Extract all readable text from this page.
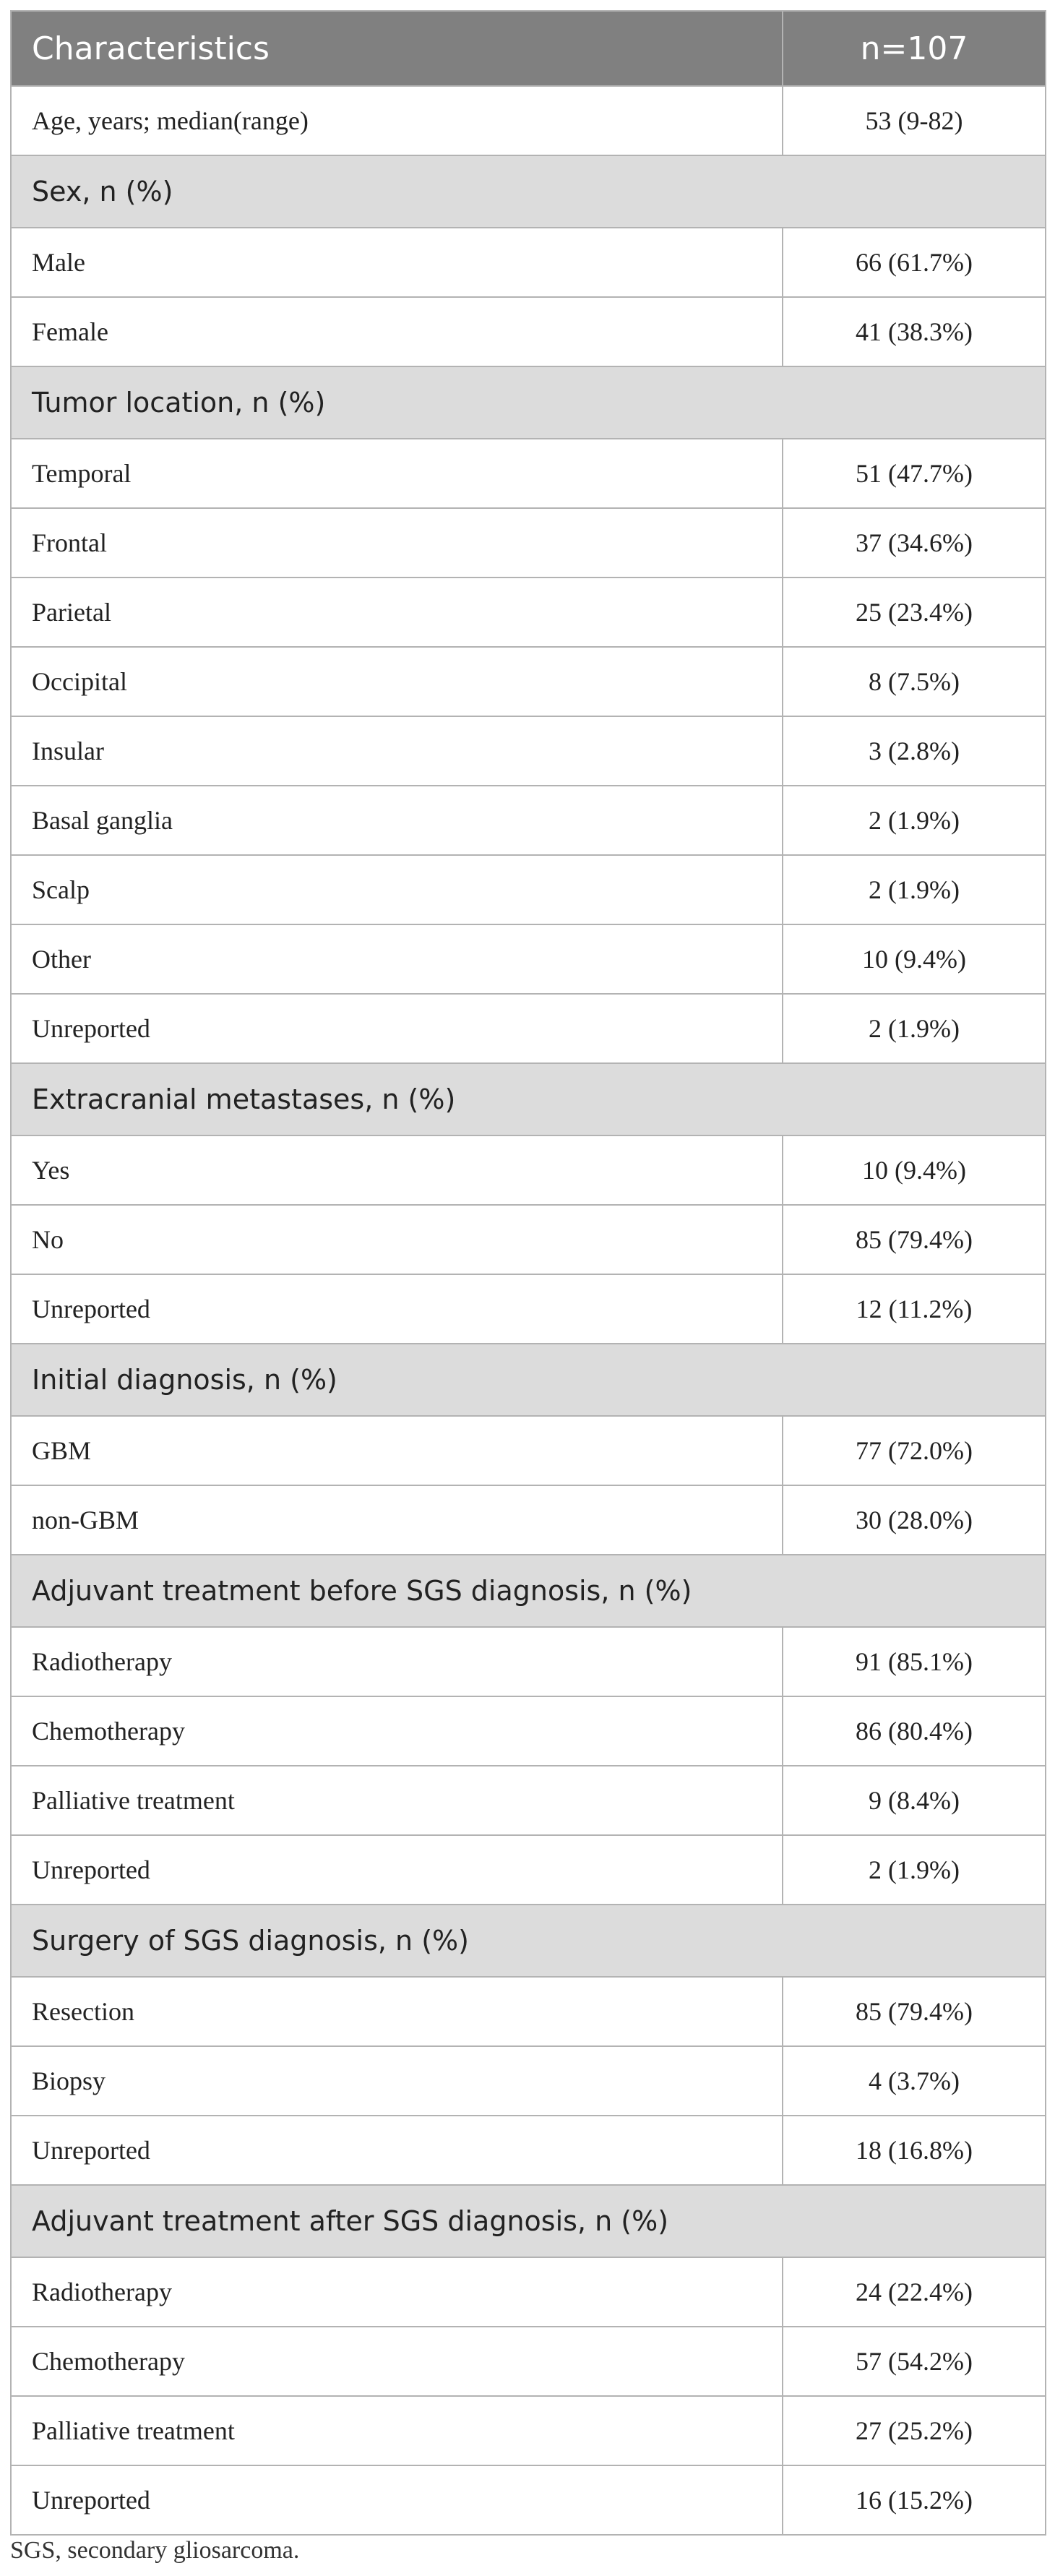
Characteristics	n=107
Age, years; median(range)	53 (9-82)
Sex, n (%)	
Male	66 (61.7%)
Female	41 (38.3%)
Tumor location, n (%)	
Temporal	51 (47.7%)
Frontal	37 (34.6%)
Parietal	25 (23.4%)
Occipital	8 (7.5%)
Insular	3 (2.8%)
Basal ganglia	2 (1.9%)
Scalp	2 (1.9%)
Other	10 (9.4%)
Unreported	2 (1.9%)
Extracranial metastases, n (%)	
Yes	10 (9.4%)
No	85 (79.4%)
Unreported	12 (11.2%)
Initial diagnosis, n (%)	
GBM	77 (72.0%)
non-GBM	30 (28.0%)
Adjuvant treatment before SGS diagnosis, n (%)	
Radiotherapy	91 (85.1%)
Chemotherapy	86 (80.4%)
Palliative treatment	9 (8.4%)
Unreported	2 (1.9%)
Surgery of SGS diagnosis, n (%)	
Resection	85 (79.4%)
Biopsy	4 (3.7%)
Unreported	18 (16.8%)
Adjuvant treatment after SGS diagnosis, n (%)	
Radiotherapy	24 (22.4%)
Chemotherapy	57 (54.2%)
Palliative treatment	27 (25.2%)
Unreported	16 (15.2%)
SGS, secondary gliosarcoma.
